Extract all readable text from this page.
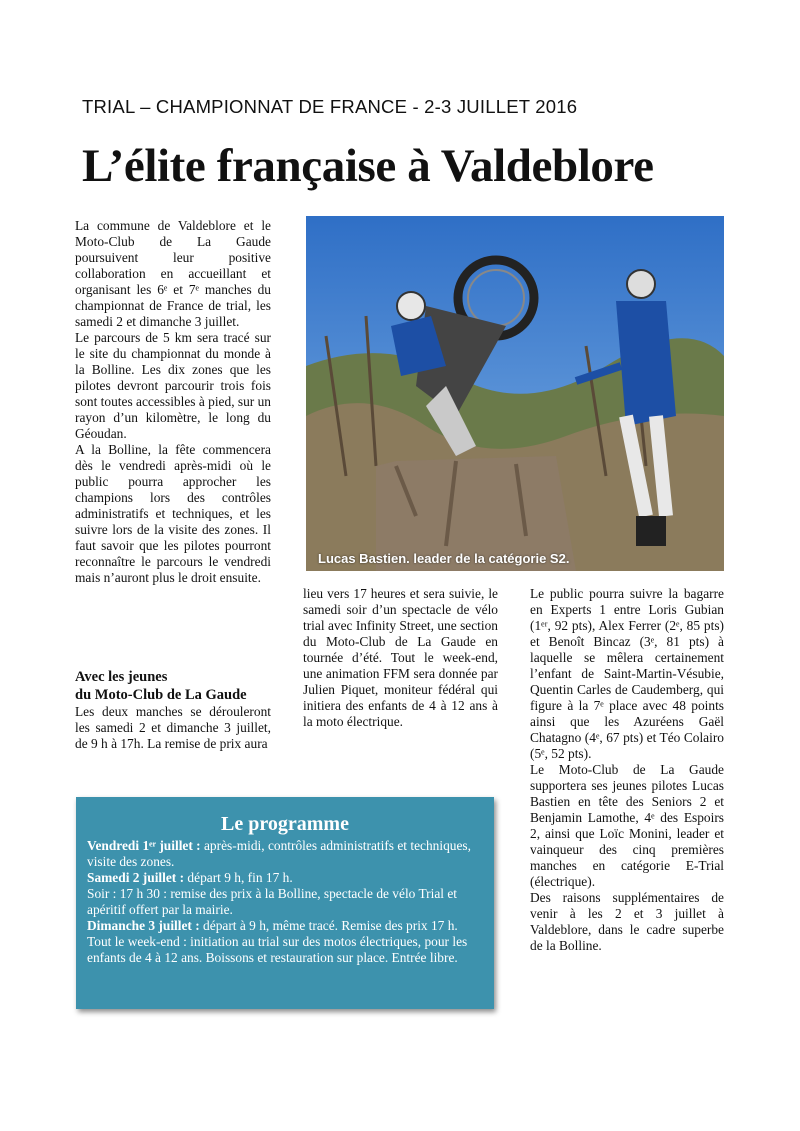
TRIAL – CHAMPIONNAT DE FRANCE - 2-3 JUILLET 2016
L’élite française à Valdeblore
Lucas Bastien. leader de la catégorie S2.

La commune de Valdeblore et le Moto-Club de La Gaude poursuivent leur positive collaboration en accueillant et organisant les 6ᵉ et 7ᵉ manches du championnat de France de trial, les samedi 2 et dimanche 3 juillet.

Le parcours de 5 km sera tracé sur le site du championnat du monde à la Bolline. Les dix zones que les pilotes devront parcourir trois fois sont toutes accessibles à pied, sur un rayon d’un kilomètre, le long du Géoudan.

A la Bolline, la fête commencera dès le vendredi après-midi où le public pourra approcher les champions lors des contrôles administratifs et techniques, et les suivre lors de la visite des zones. Il faut savoir que les pilotes pourront reconnaître le parcours le vendredi mais n’auront plus le droit ensuite.

Avec les jeunes
du Moto-Club de La Gaude

Les deux manches se dérouleront les samedi 2 et dimanche 3 juillet, de 9 h à 17h. La remise de prix aura

lieu vers 17 heures et sera suivie, le samedi soir d’un spectacle de vélo trial avec Infinity Street, une section du Moto-Club de La Gaude en tournée d’été. Tout le week-end, une animation FFM sera donnée par Julien Piquet, moniteur fédéral qui initiera des enfants de 4 à 12 ans à la moto électrique.

Le public pourra suivre la bagarre en Experts 1 entre Loris Gubian (1ᵉʳ, 92 pts), Alex Ferrer (2ᵉ, 85 pts) et Benoît Bincaz (3ᵉ, 81 pts) à laquelle se mêlera certainement l’enfant de Saint-Martin-Vésubie, Quentin Carles de Caudemberg, qui figure à la 7ᵉ place avec 48 points ainsi que les Azuréens Gaël Chatagno (4ᵉ, 67 pts) et Téo Colairo (5ᵉ, 52 pts).

Le Moto-Club de La Gaude supportera ses jeunes pilotes Lucas Bastien en tête des Seniors 2 et Benjamin Lamothe, 4ᵉ des Espoirs 2, ainsi que Loïc Monini, leader et vainqueur des cinq premières manches en catégorie E-Trial (électrique).

Des raisons supplémentaires de venir à les 2 et 3 juillet à Valdeblore, dans le cadre superbe de la Bolline.

Le programme
Vendredi 1ᵉʳ juillet : après-midi, contrôles administratifs et techniques, visite des zones.
Samedi 2 juillet : départ 9 h, fin 17 h.
Soir : 17 h 30 : remise des prix à la Bolline, spectacle de vélo Trial et apéritif offert par la mairie.
Dimanche 3 juillet : départ à 9 h, même tracé. Remise des prix 17 h.
Tout le week-end : initiation au trial sur des motos électriques, pour les enfants de 4 à 12 ans. Boissons et restauration sur place. Entrée libre.
